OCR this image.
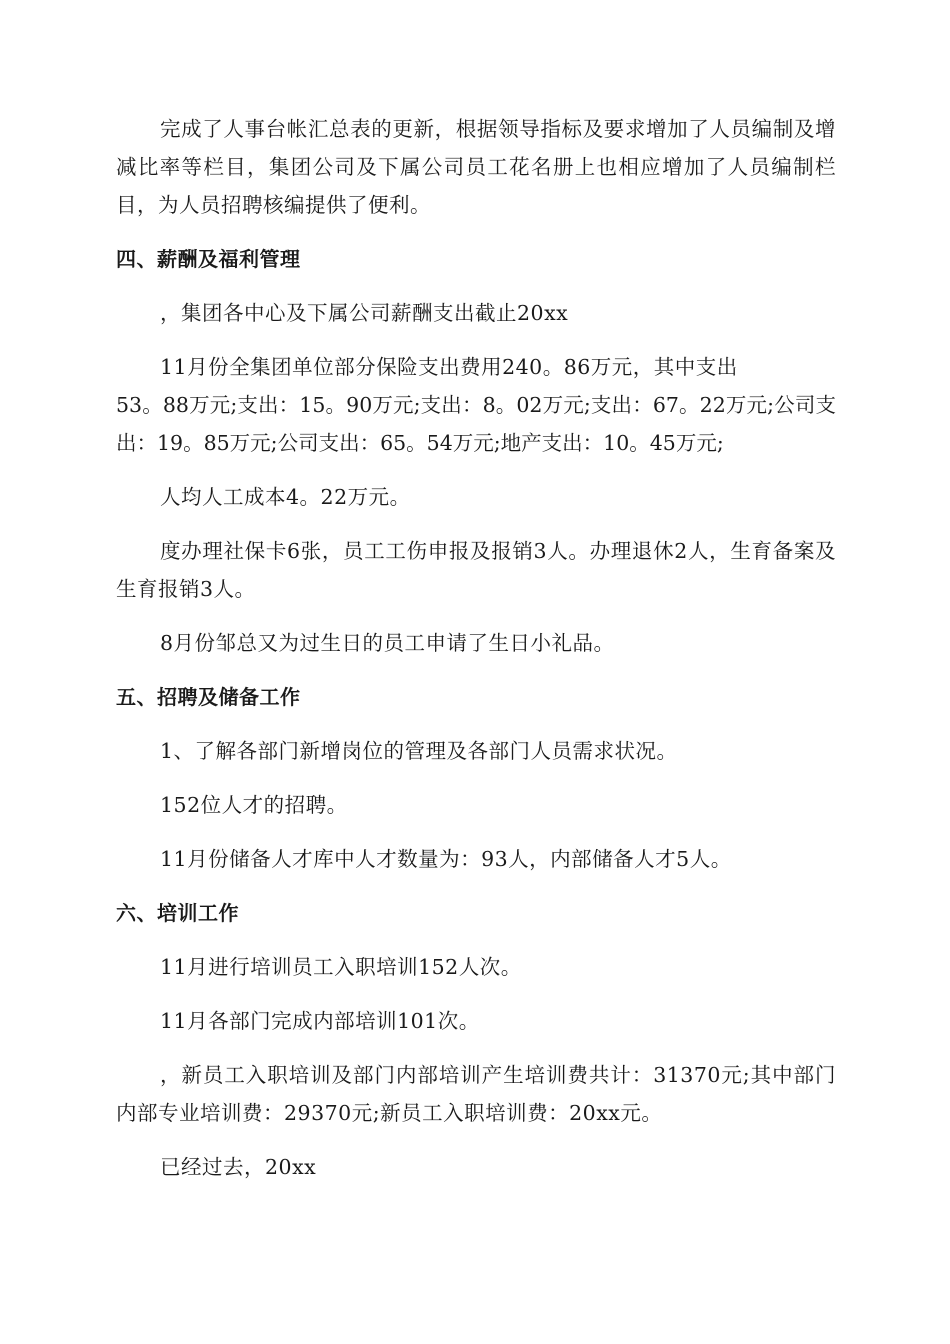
完成了人事台帐汇总表的更新，根据领导指标及要求增加了人员编制及增减比率等栏目，集团公司及下属公司员工花名册上也相应增加了人员编制栏目，为人员招聘核编提供了便利。

四、薪酬及福利管理

，集团各中心及下属公司薪酬支出截止20xx

11月份全集团单位部分保险支出费用240。86万元，其中支出

53。88万元;支出：15。90万元;支出：8。02万元;支出：67。22万元;公司支出：19。85万元;公司支出：65。54万元;地产支出：10。45万元;

人均人工成本4。22万元。

度办理社保卡6张，员工工伤申报及报销3人。办理退休2人，生育备案及生育报销3人。

8月份邹总又为过生日的员工申请了生日小礼品。

五、招聘及储备工作

1、了解各部门新增岗位的管理及各部门人员需求状况。

152位人才的招聘。

11月份储备人才库中人才数量为：93人，内部储备人才5人。

六、培训工作

11月进行培训员工入职培训152人次。

11月各部门完成内部培训101次。

，新员工入职培训及部门内部培训产生培训费共计：31370元;其中部门内部专业培训费：29370元;新员工入职培训费：20xx元。

已经过去，20xx
